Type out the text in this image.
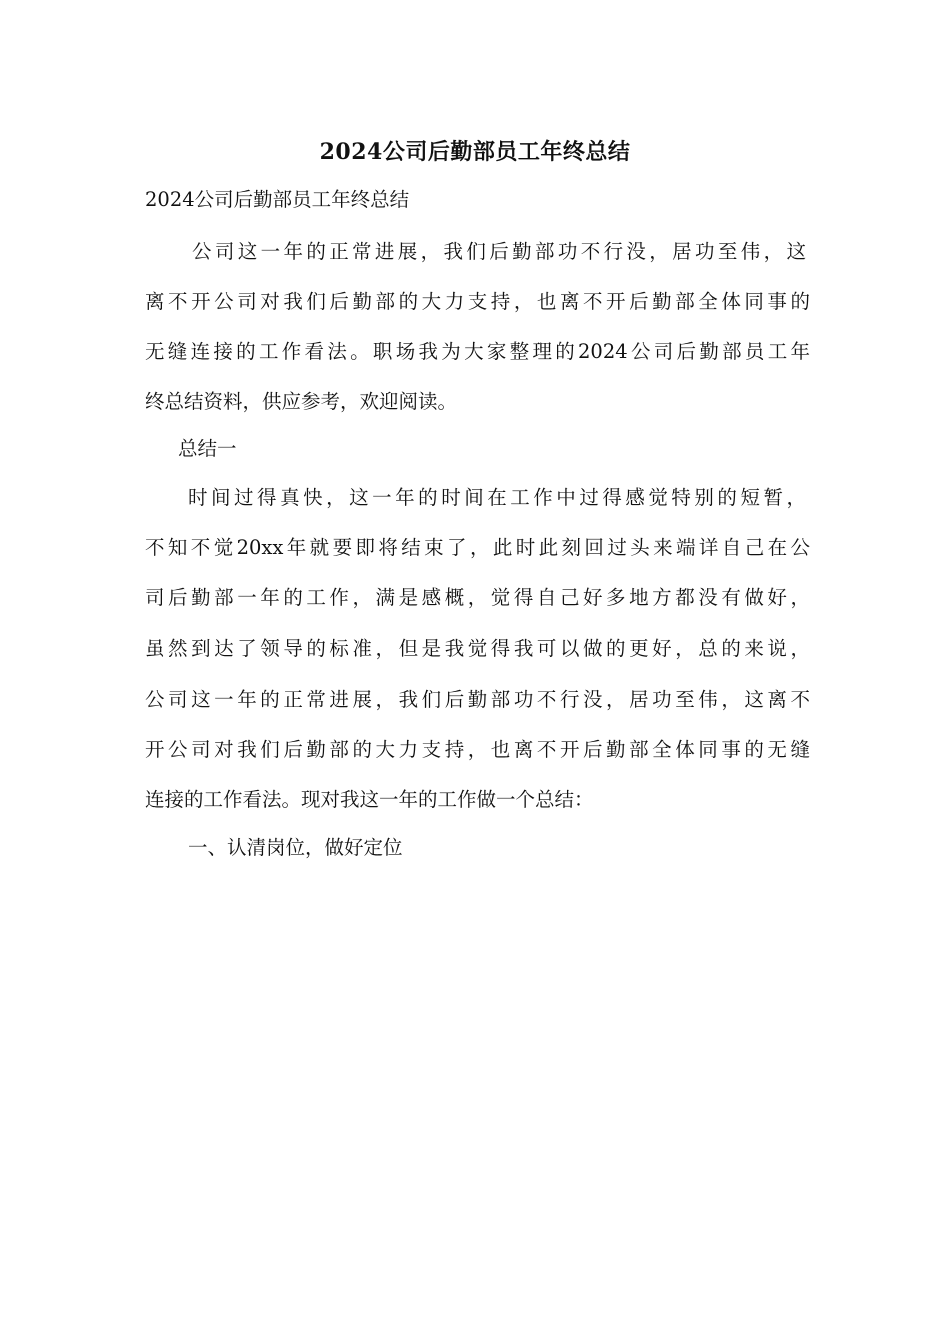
2024公司后勤部员工年终总结
2024公司后勤部员工年终总结
公司这一年的正常进展，我们后勤部功不行没，居功至伟，这
离不开公司对我们后勤部的大力支持，也离不开后勤部全体同事的
无缝连接的工作看法。职场我为大家整理的2024公司后勤部员工年
终总结资料，供应参考，欢迎阅读。
总结一
时间过得真快，这一年的时间在工作中过得感觉特别的短暂，
不知不觉20xx年就要即将结束了，此时此刻回过头来端详自己在公
司后勤部一年的工作，满是感概，觉得自己好多地方都没有做好，
虽然到达了领导的标准，但是我觉得我可以做的更好，总的来说，
公司这一年的正常进展，我们后勤部功不行没，居功至伟，这离不
开公司对我们后勤部的大力支持，也离不开后勤部全体同事的无缝
连接的工作看法。现对我这一年的工作做一个总结：
一、认清岗位，做好定位
